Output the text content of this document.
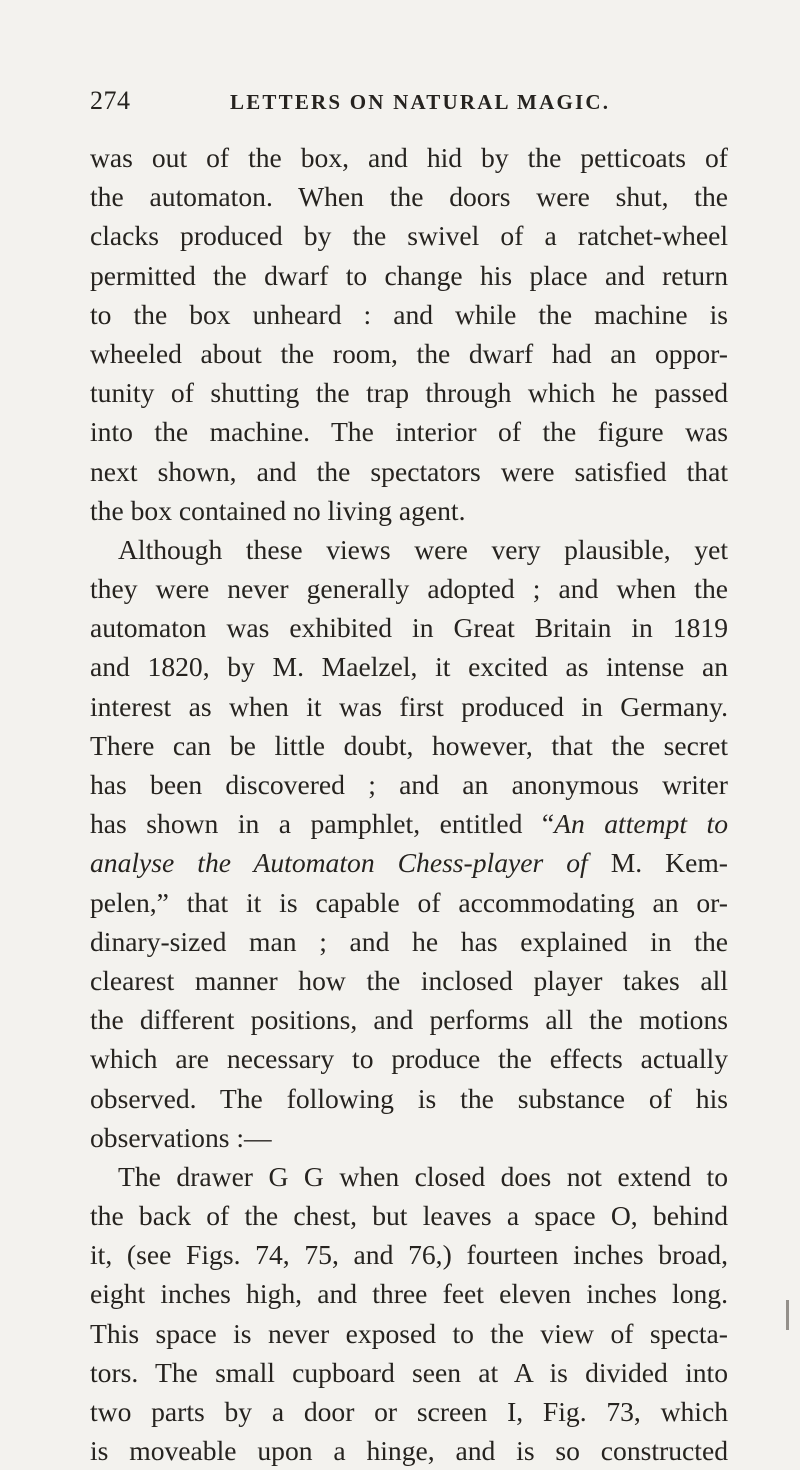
274	LETTERS ON NATURAL MAGIC.
was out of the box, and hid by the petticoats of
the automaton. When the doors were shut, the
clacks produced by the swivel of a ratchet-wheel
permitted the dwarf to change his place and return
to the box unheard : and while the machine is
wheeled about the room, the dwarf had an oppor-
tunity of shutting the trap through which he passed
into the machine. The interior of the figure was
next shown, and the spectators were satisfied that
the box contained no living agent.
Although these views were very plausible, yet
they were never generally adopted ; and when the
automaton was exhibited in Great Britain in 1819
and 1820, by M. Maelzel, it excited as intense an
interest as when it was first produced in Germany.
There can be little doubt, however, that the secret
has been discovered ; and an anonymous writer
has shown in a pamphlet, entitled “An attempt to
analyse the Automaton Chess-player of M. Kem-
pelen,” that it is capable of accommodating an or-
dinary-sized man ; and he has explained in the
clearest manner how the inclosed player takes all
the different positions, and performs all the motions
which are necessary to produce the effects actually
observed. The following is the substance of his
observations :—
The drawer G G when closed does not extend to
the back of the chest, but leaves a space O, behind
it, (see Figs. 74, 75, and 76,) fourteen inches broad,
eight inches high, and three feet eleven inches long.
This space is never exposed to the view of specta-
tors. The small cupboard seen at A is divided into
two parts by a door or screen I, Fig. 73, which
is moveable upon a hinge, and is so constructed
